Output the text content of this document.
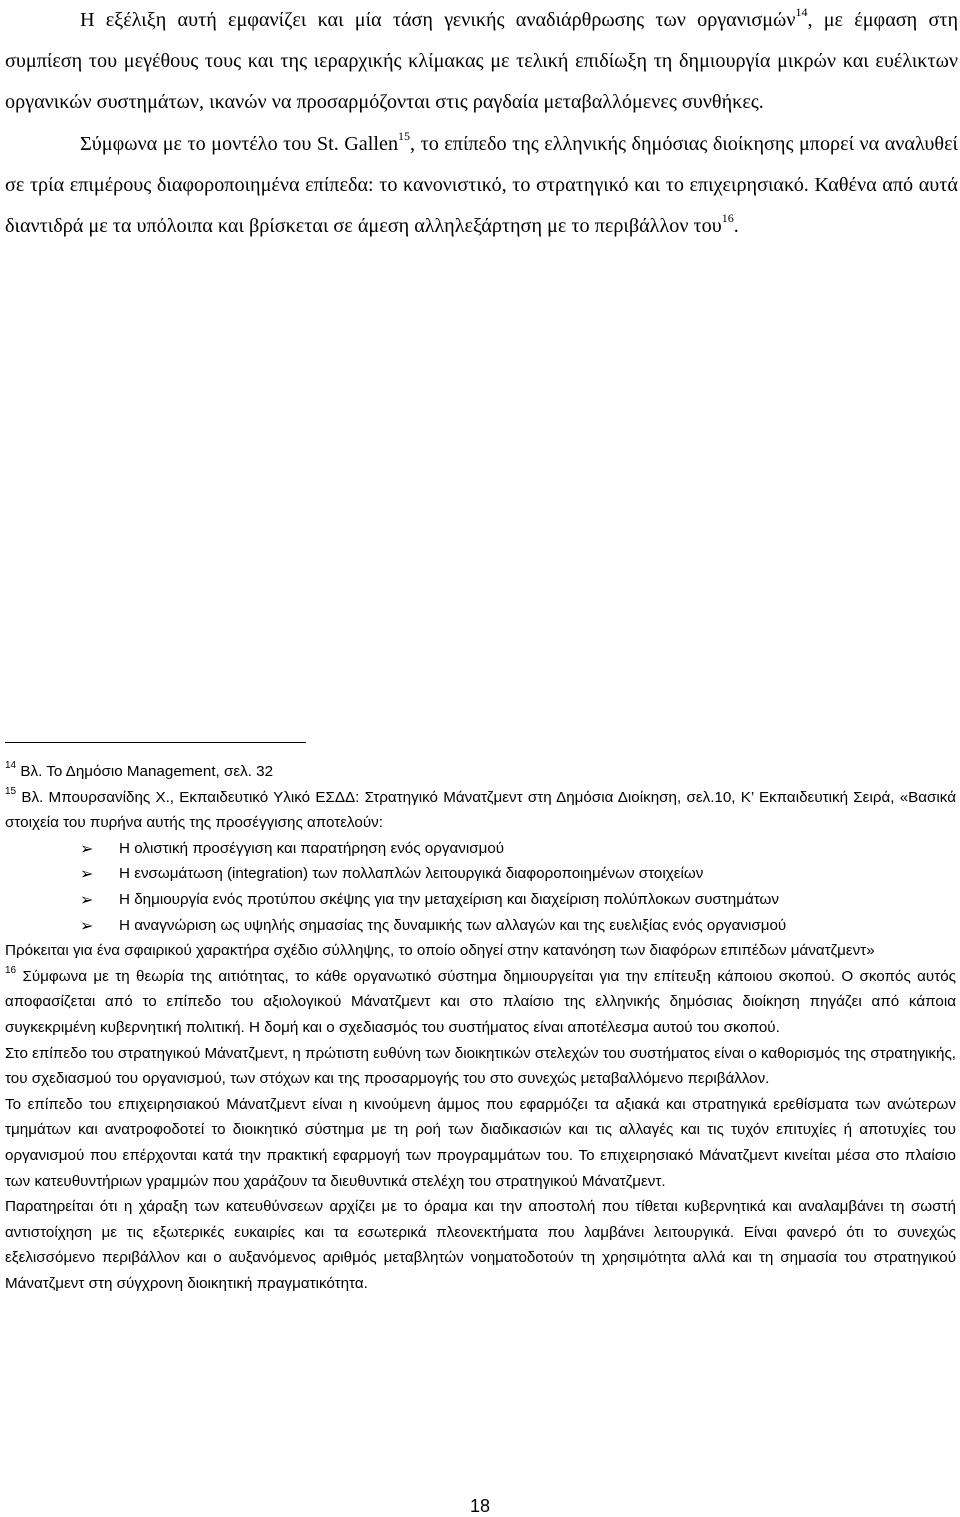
Η εξέλιξη αυτή εμφανίζει και μία τάση γενικής αναδιάρθρωσης των οργανισμών$^{14}$, με έμφαση στη συμπίεση του μεγέθους τους και της ιεραρχικής κλίμακας με τελική επιδίωξη τη δημιουργία μικρών και ευέλικτων οργανικών συστημάτων, ικανών να προσαρμόζονται στις ραγδαία μεταβαλλόμενες συνθήκες.

Σύμφωνα με το μοντέλο του St. Gallen$^{15}$, το επίπεδο της ελληνικής δημόσιας διοίκησης μπορεί να αναλυθεί σε τρία επιμέρους διαφοροποιημένα επίπεδα: το κανονιστικό, το στρατηγικό και το επιχειρησιακό. Καθένα από αυτά διαντιδρά με τα υπόλοιπα και βρίσκεται σε άμεση αλληλεξάρτηση με το περιβάλλον του$^{16}$.

$^{14}$ Βλ. Το Δημόσιο Management, σελ. 32

$^{15}$ Βλ. Μπουρσανίδης Χ., Εκπαιδευτικό Υλικό ΕΣΔΔ: Στρατηγικό Μάνατζμεντ στη Δημόσια Διοίκηση, σελ.10, Κ’ Εκπαιδευτική Σειρά, «Βασικά στοιχεία του πυρήνα αυτής της προσέγγισης αποτελούν:

➢ Η ολιστική προσέγγιση και παρατήρηση ενός οργανισμού
➢ Η ενσωμάτωση (integration) των πολλαπλών λειτουργικά διαφοροποιημένων στοιχείων
➢ Η δημιουργία ενός προτύπου σκέψης για την μεταχείριση και διαχείριση πολύπλοκων συστημάτων
➢ Η αναγνώριση ως υψηλής σημασίας της δυναμικής των αλλαγών και της ευελιξίας ενός οργανισμού

Πρόκειται για ένα σφαιρικού χαρακτήρα σχέδιο σύλληψης, το οποίο οδηγεί στην κατανόηση των διαφόρων επιπέδων μάνατζμεντ»

$^{16}$ Σύμφωνα με τη θεωρία της αιτιότητας, το κάθε οργανωτικό σύστημα δημιουργείται για την επίτευξη κάποιου σκοπού. Ο σκοπός αυτός αποφασίζεται από το επίπεδο του αξιολογικού Μάνατζμεντ και στο πλαίσιο της ελληνικής δημόσιας διοίκηση πηγάζει από κάποια συγκεκριμένη κυβερνητική πολιτική. Η δομή και ο σχεδιασμός του συστήματος είναι αποτέλεσμα αυτού του σκοπού.

Στο επίπεδο του στρατηγικού Μάνατζμεντ, η πρώτιστη ευθύνη των διοικητικών στελεχών του συστήματος είναι ο καθορισμός της στρατηγικής, του σχεδιασμού του οργανισμού, των στόχων και της προσαρμογής του στο συνεχώς μεταβαλλόμενο περιβάλλον.

Το επίπεδο του επιχειρησιακού Μάνατζμεντ είναι η κινούμενη άμμος που εφαρμόζει τα αξιακά και στρατηγικά ερεθίσματα των ανώτερων τμημάτων και ανατροφοδοτεί το διοικητικό σύστημα με τη ροή των διαδικασιών και τις αλλαγές και τις τυχόν επιτυχίες ή αποτυχίες του οργανισμού που επέρχονται κατά την πρακτική εφαρμογή των προγραμμάτων του. Το επιχειρησιακό Μάνατζμεντ κινείται μέσα στο πλαίσιο των κατευθυντήριων γραμμών που χαράζουν τα διευθυντικά στελέχη του στρατηγικού Μάνατζμεντ.

Παρατηρείται ότι η χάραξη των κατευθύνσεων αρχίζει με το όραμα και την αποστολή που τίθεται κυβερνητικά και αναλαμβάνει τη σωστή αντιστοίχηση με τις εξωτερικές ευκαιρίες και τα εσωτερικά πλεονεκτήματα που λαμβάνει λειτουργικά. Είναι φανερό ότι το συνεχώς εξελισσόμενο περιβάλλον και ο αυξανόμενος αριθμός μεταβλητών νοηματοδοτούν τη χρησιμότητα αλλά και τη σημασία του στρατηγικού Μάνατζμεντ στη σύγχρονη διοικητική πραγματικότητα.

18
